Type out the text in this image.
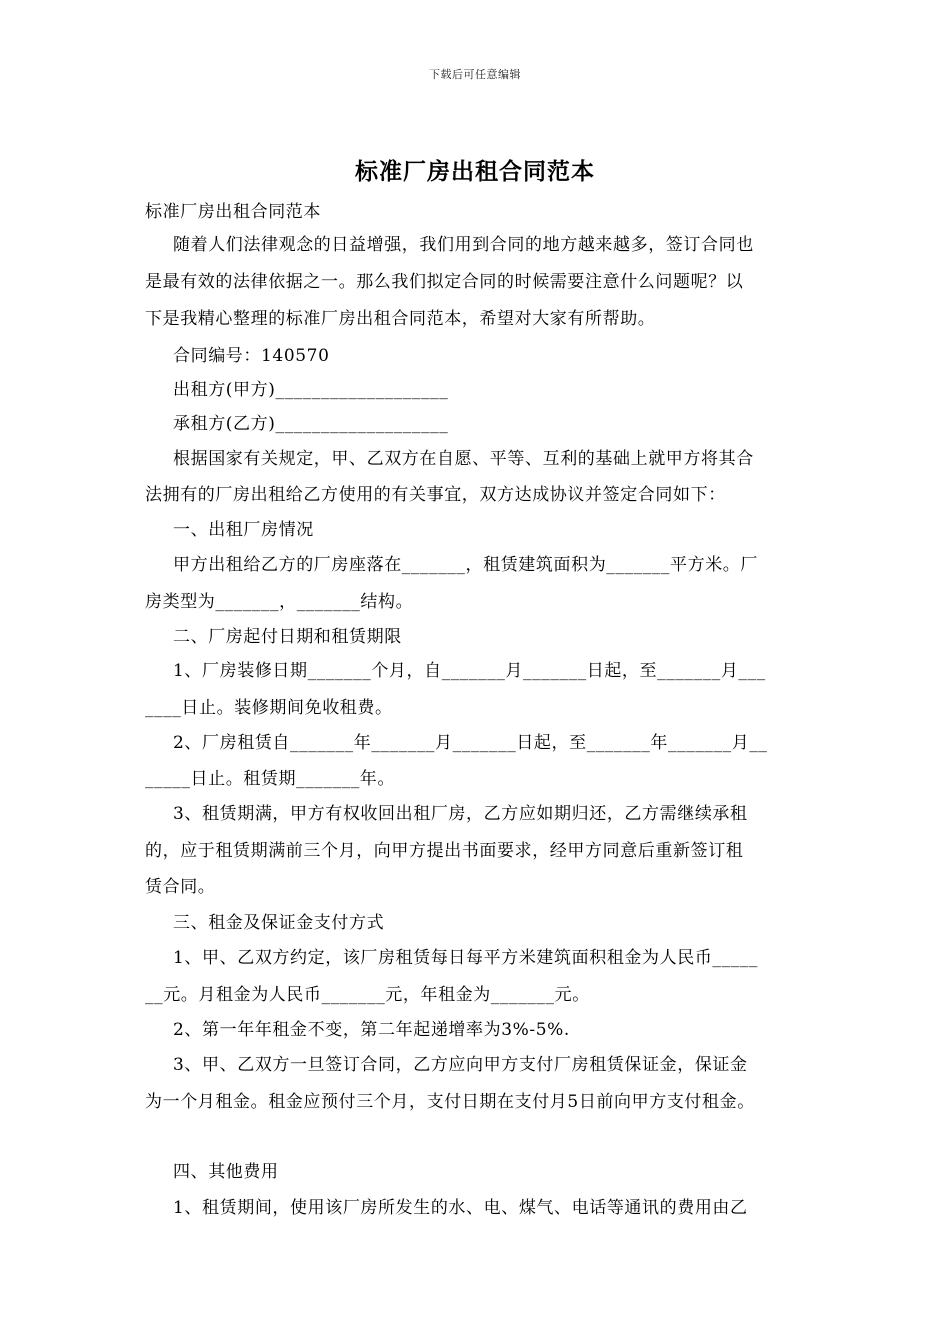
下载后可任意编辑
标准厂房出租合同范本
标准厂房出租合同范本
随着人们法律观念的日益增强，我们用到合同的地方越来越多，签订合同也
是最有效的法律依据之一。那么我们拟定合同的时候需要注意什么问题呢？以
下是我精心整理的标准厂房出租合同范本，希望对大家有所帮助。
合同编号：140570
出租方(甲方)___________________
承租方(乙方)___________________
根据国家有关规定，甲、乙双方在自愿、平等、互利的基础上就甲方将其合
法拥有的厂房出租给乙方使用的有关事宜，双方达成协议并签定合同如下：
一、出租厂房情况
甲方出租给乙方的厂房座落在_______，租赁建筑面积为_______平方米。厂
房类型为_______，_______结构。
二、厂房起付日期和租赁期限
1、厂房装修日期_______个月，自_______月_______日起，至_______月___
____日止。装修期间免收租费。
2、厂房租赁自_______年_______月_______日起，至_______年_______月__
_____日止。租赁期_______年。
3、租赁期满，甲方有权收回出租厂房，乙方应如期归还，乙方需继续承租
的，应于租赁期满前三个月，向甲方提出书面要求，经甲方同意后重新签订租
赁合同。
三、租金及保证金支付方式
1、甲、乙双方约定，该厂房租赁每日每平方米建筑面积租金为人民币_____
__元。月租金为人民币_______元，年租金为_______元。
2、第一年年租金不变，第二年起递增率为3%-5%.
3、甲、乙双方一旦签订合同，乙方应向甲方支付厂房租赁保证金，保证金
为一个月租金。租金应预付三个月，支付日期在支付月5日前向甲方支付租金。
四、其他费用
1、租赁期间，使用该厂房所发生的水、电、煤气、电话等通讯的费用由乙
